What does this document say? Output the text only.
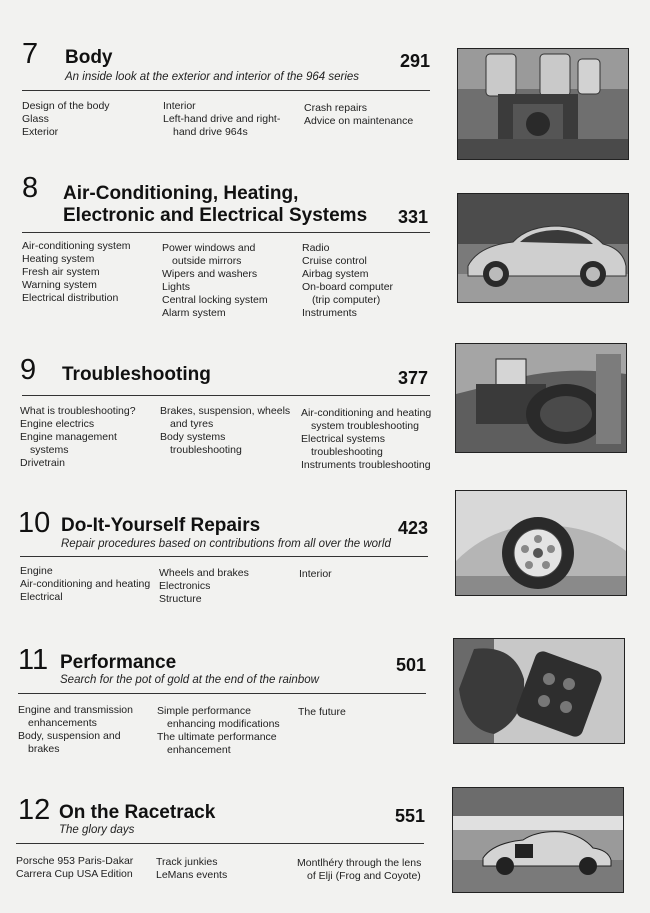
7 Body	291
An inside look at the exterior and interior of the 964 series
Design of the body
Glass
Exterior
Interior
Left-hand drive and right-
hand drive 964s
Crash repairs
Advice on maintenance
8 Air-Conditioning, Heating,
Electronic and Electrical Systems 331
Air-conditioning system
Heating system
Fresh air system
Warning system
Electrical distribution
Power windows and
outside mirrors
Wipers and washers
Lights
Central locking system
Alarm system
Radio
Cruise control
Airbag system
On-board computer
(trip computer)
Instruments
9 Troubleshooting	377
What is troubleshooting?
Engine electrics
Engine management
systems
Drivetrain
Brakes, suspension, wheels
and tyres
Body systems
troubleshooting
Air-conditioning and heating
system troubleshooting
Electrical systems
troubleshooting
Instruments troubleshooting
10 Do-It-Yourself Repairs	423
Repair procedures based on contributions from all over the world
Engine
Air-conditioning and heating
Electrical
Wheels and brakes
Electronics
Structure
Interior
11 Performance	501
Search for the pot of gold at the end of the rainbow
Engine and transmission
enhancements
Body, suspension and
brakes
Simple performance
enhancing modifications
The ultimate performance
enhancement
The future
12 On the Racetrack	551
The glory days
Porsche 953 Paris-Dakar
Carrera Cup USA Edition
Track junkies
LeMans events
Montlhéry through the lens
of Elji (Frog and Coyote)
